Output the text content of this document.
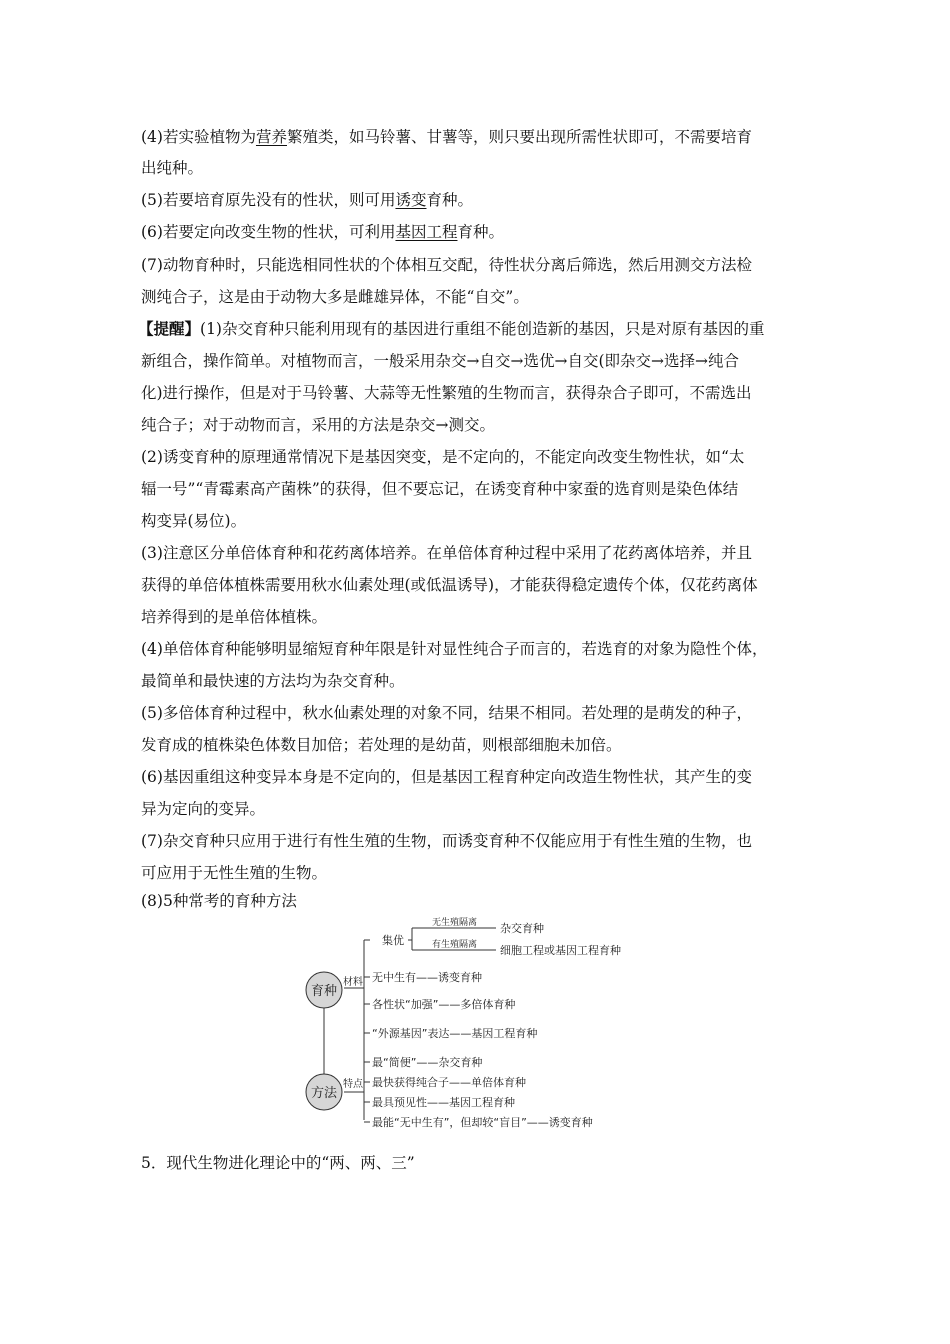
(4)若实验植物为营养繁殖类，如马铃薯、甘薯等，则只要出现所需性状即可，不需要培育
出纯种。
(5)若要培育原先没有的性状，则可用诱变育种。
(6)若要定向改变生物的性状，可利用基因工程育种。
(7)动物育种时，只能选相同性状的个体相互交配，待性状分离后筛选，然后用测交方法检
测纯合子，这是由于动物大多是雌雄异体，不能“自交”。
【提醒】(1)杂交育种只能利用现有的基因进行重组不能创造新的基因，只是对原有基因的重
新组合，操作简单。对植物而言，一般采用杂交→自交→选优→自交(即杂交→选择→纯合
化)进行操作，但是对于马铃薯、大蒜等无性繁殖的生物而言，获得杂合子即可，不需选出
纯合子；对于动物而言，采用的方法是杂交→测交。
(2)诱变育种的原理通常情况下是基因突变，是不定向的，不能定向改变生物性状，如“太
辐一号”“青霉素高产菌株”的获得，但不要忘记，在诱变育种中家蚕的选育则是染色体结
构变异(易位)。
(3)注意区分单倍体育种和花药离体培养。在单倍体育种过程中采用了花药离体培养，并且
获得的单倍体植株需要用秋水仙素处理(或低温诱导)，才能获得稳定遗传个体，仅花药离体
培养得到的是单倍体植株。
(4)单倍体育种能够明显缩短育种年限是针对显性纯合子而言的，若选育的对象为隐性个体，
最简单和最快速的方法均为杂交育种。
(5)多倍体育种过程中，秋水仙素处理的对象不同，结果不相同。若处理的是萌发的种子，
发育成的植株染色体数目加倍；若处理的是幼苗，则根部细胞未加倍。
(6)基因重组这种变异本身是不定向的，但是基因工程育种定向改造生物性状，其产生的变
异为定向的变异。
(7)杂交育种只应用于进行有性生殖的生物，而诱变育种不仅能应用于有性生殖的生物，也
可应用于无性生殖的生物。
(8)5种常考的育种方法
育种
方法
材料
特点
集优
无生殖隔离
有生殖隔离
杂交育种
细胞工程或基因工程育种
无中生有——诱变育种
各性状“加强”——多倍体育种
“外源基因”表达——基因工程育种
最“简便”——杂交育种
最快获得纯合子——单倍体育种
最具预见性——基因工程育种
最能“无中生有”，但却较“盲目”——诱变育种
5．现代生物进化理论中的“两、两、三”
